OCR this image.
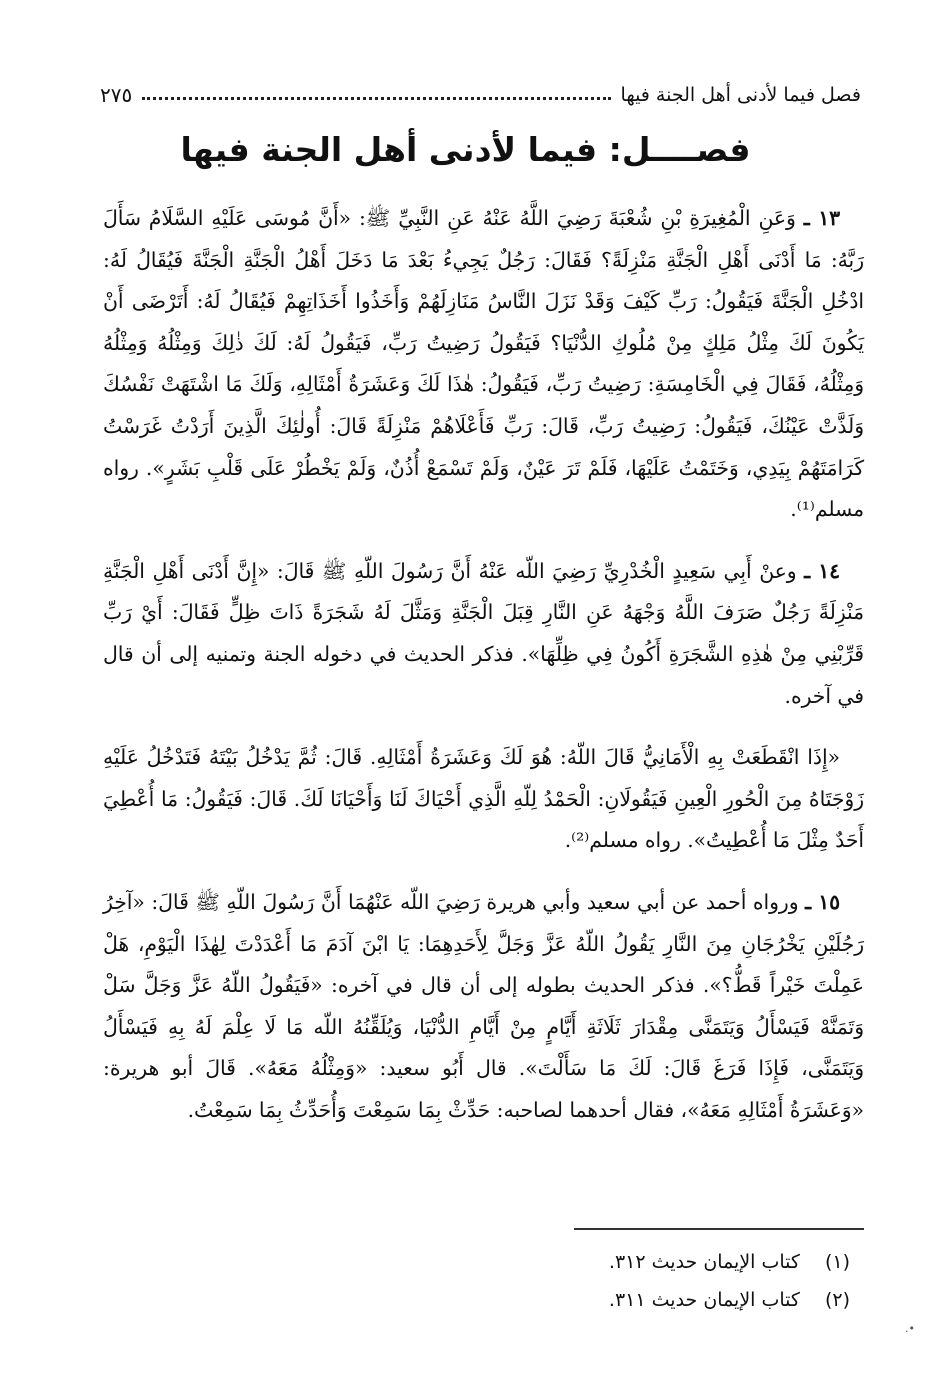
فصل فيما لأدنى أهل الجنة فيها
٢٧٥
فصــــل: فيما لأدنى أهل الجنة فيها

١٣ ـ وَعَنِ الْمُغِيرَةِ بْنِ شُعْبَةَ رَضِيَ اللَّهُ عَنْهُ عَنِ النَّبِيِّ ﷺ: «أَنَّ مُوسَى عَلَيْهِ السَّلَامُ سَأَلَ رَبَّهُ: مَا أَدْنَى أَهْلِ الْجَنَّةِ مَنْزِلَةً؟ فَقَالَ: رَجُلٌ يَجِيءُ بَعْدَ مَا دَخَلَ أَهْلُ الْجَنَّةِ الْجَنَّةَ فَيُقَالُ لَهُ: ادْخُلِ الْجَنَّةَ فَيَقُولُ: رَبِّ كَيْفَ وَقَدْ نَزَلَ النَّاسُ مَنَازِلَهُمْ وَأَخَذُوا أَخَذَاتِهِمْ فَيُقَالُ لَهُ: أَتَرْضَى أَنْ يَكُونَ لَكَ مِثْلُ مَلِكٍ مِنْ مُلُوكِ الدُّنْيَا؟ فَيَقُولُ رَضِيتُ رَبِّ، فَيَقُولُ لَهُ: لَكَ ذٰلِكَ وَمِثْلُهُ وَمِثْلُهُ وَمِثْلُهُ، فَقَالَ فِي الْخَامِسَةِ: رَضِيتُ رَبِّ، فَيَقُولُ: هٰذَا لَكَ وَعَشَرَةُ أَمْثَالِهِ، وَلَكَ مَا اشْتَهَتْ نَفْسُكَ وَلَذَّتْ عَيْنُكَ، فَيَقُولُ: رَضِيتُ رَبِّ، قَالَ: رَبِّ فَأَعْلَاهُمْ مَنْزِلَةً قَالَ: أُولٰئِكَ الَّذِينَ أَرَدْتُ غَرَسْتُ كَرَامَتَهُمْ بِيَدِي، وَخَتَمْتُ عَلَيْهَا، فَلَمْ تَرَ عَيْنٌ، وَلَمْ تَسْمَعْ أُذُنٌ، وَلَمْ يَخْطُرْ عَلَى قَلْبِ بَشَرٍ». رواه مسلم⁽¹⁾.

١٤ ـ وعنْ أَبِي سَعِيدٍ الْخُدْرِيِّ رَضِيَ اللّه عَنْهُ أَنَّ رَسُولَ اللّهِ ﷺ قَالَ: «إِنَّ أَدْنَى أَهْلِ الْجَنَّةِ مَنْزِلَةً رَجُلٌ صَرَفَ اللَّهُ وَجْهَهُ عَنِ النَّارِ قِبَلَ الْجَنَّةِ وَمَثَّلَ لَهُ شَجَرَةً ذَاتَ ظِلٍّ فَقَالَ: أَيْ رَبِّ قَرِّبْنِي مِنْ هٰذِهِ الشَّجَرَةِ أَكُونُ فِي ظِلِّهَا». فذكر الحديث في دخوله الجنة وتمنيه إلى أن قال في آخره.

«إِذَا انْقَطَعَتْ بِهِ الْأَمَانِيُّ قَالَ اللّهُ: هُوَ لَكَ وَعَشَرَةُ أَمْثَالِهِ. قَالَ: ثُمَّ يَدْخُلُ بَيْتَهُ فَتَدْخُلُ عَلَيْهِ زَوْجَتَاهُ مِنَ الْحُورِ الْعِينِ فَيَقُولَانِ: الْحَمْدُ لِلّهِ الَّذِي أَحْيَاكَ لَنَا وَأَحْيَانَا لَكَ. قَالَ: فَيَقُولُ: مَا أُعْطِيَ أَحَدٌ مِثْلَ مَا أُعْطِيتُ». رواه مسلم⁽²⁾.

١٥ ـ ورواه أحمد عن أبي سعيد وأبي هريرة رَضِيَ اللّه عَنْهُمَا أَنَّ رَسُولَ اللّهِ ﷺ قَالَ: «آخِرُ رَجُلَيْنِ يَخْرُجَانِ مِنَ النَّارِ يَقُولُ اللّهُ عَزَّ وَجَلَّ لِأَحَدِهِمَا: يَا ابْنَ آدَمَ مَا أَعْدَدْتَ لِهٰذَا الْيَوْمِ، هَلْ عَمِلْتَ خَيْراً قَطُّ؟». فذكر الحديث بطوله إلى أن قال في آخره: «فَيَقُولُ اللّهُ عَزَّ وَجَلَّ سَلْ وَتَمَنَّهْ فَيَسْأَلُ وَيَتَمَنَّى مِقْدَارَ ثَلَاثَةِ أَيَّامٍ مِنْ أَيَّامِ الدُّنْيَا، وَيُلَقِّنُهُ اللّه مَا لَا عِلْمَ لَهُ بِهِ فَيَسْأَلُ وَيَتَمَنَّى، فَإِذَا فَرَغَ قَالَ: لَكَ مَا سَأَلْتَ». قال أَبُو سعيد: «وَمِثْلُهُ مَعَهُ». قَالَ أبو هريرة: «وَعَشَرَةُ أَمْثَالِهِ مَعَهُ»، فقال أحدهما لصاحبه: حَدِّثْ بِمَا سَمِعْتَ وَأُحَدِّثُ بِمَا سَمِعْتُ.

(١) كتاب الإيمان حديث ٣١٢.
(٢) كتاب الإيمان حديث ٣١١.
•.
